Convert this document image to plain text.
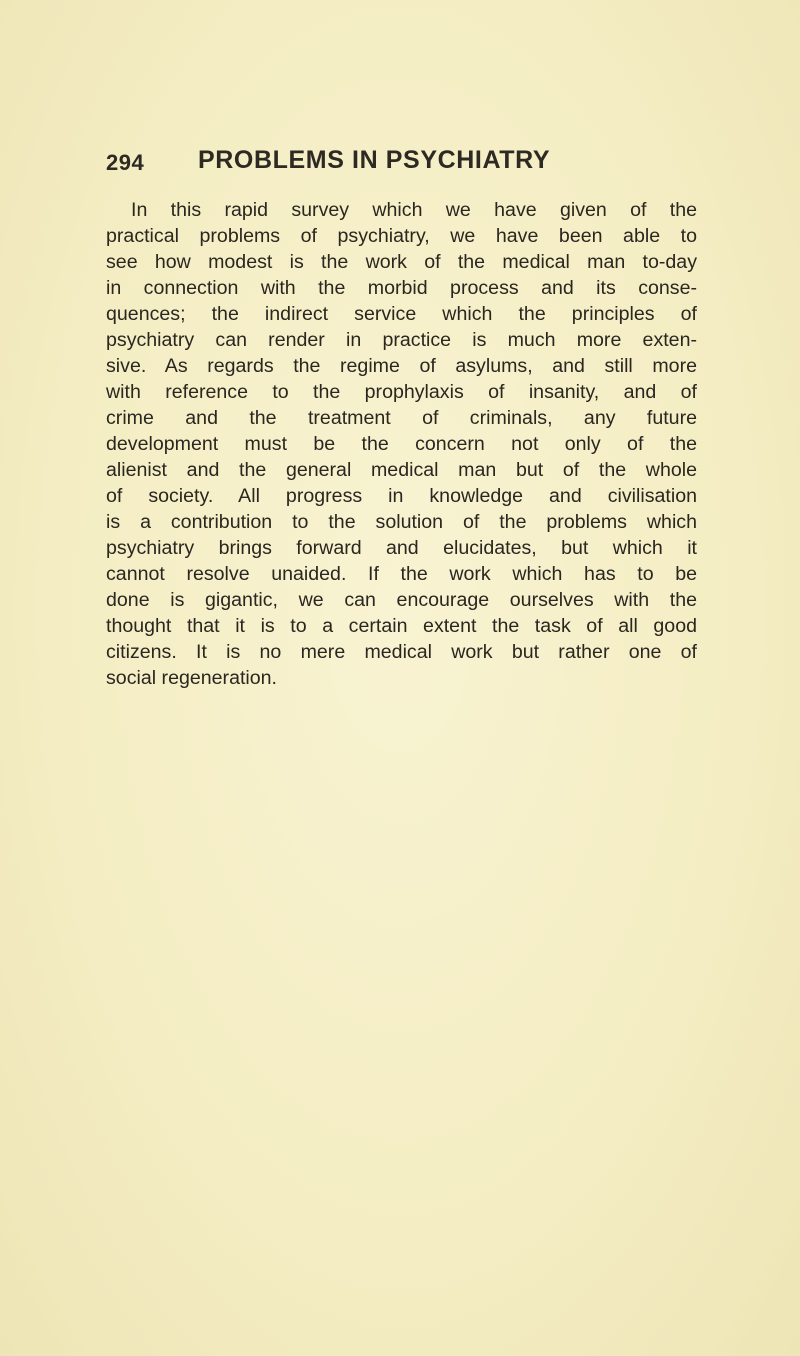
294 PROBLEMS IN PSYCHIATRY
In this rapid survey which we have given of the
practical problems of psychiatry, we have been able to
see how modest is the work of the medical man to-day
in connection with the morbid process and its conse-
quences; the indirect service which the principles of
psychiatry can render in practice is much more exten-
sive. As regards the regime of asylums, and still more
with reference to the prophylaxis of insanity, and of
crime and the treatment of criminals, any future
development must be the concern not only of the
alienist and the general medical man but of the whole
of society. All progress in knowledge and civilisation
is a contribution to the solution of the problems which
psychiatry brings forward and elucidates, but which it
cannot resolve unaided. If the work which has to be
done is gigantic, we can encourage ourselves with the
thought that it is to a certain extent the task of all good
citizens. It is no mere medical work but rather one of
social regeneration.
